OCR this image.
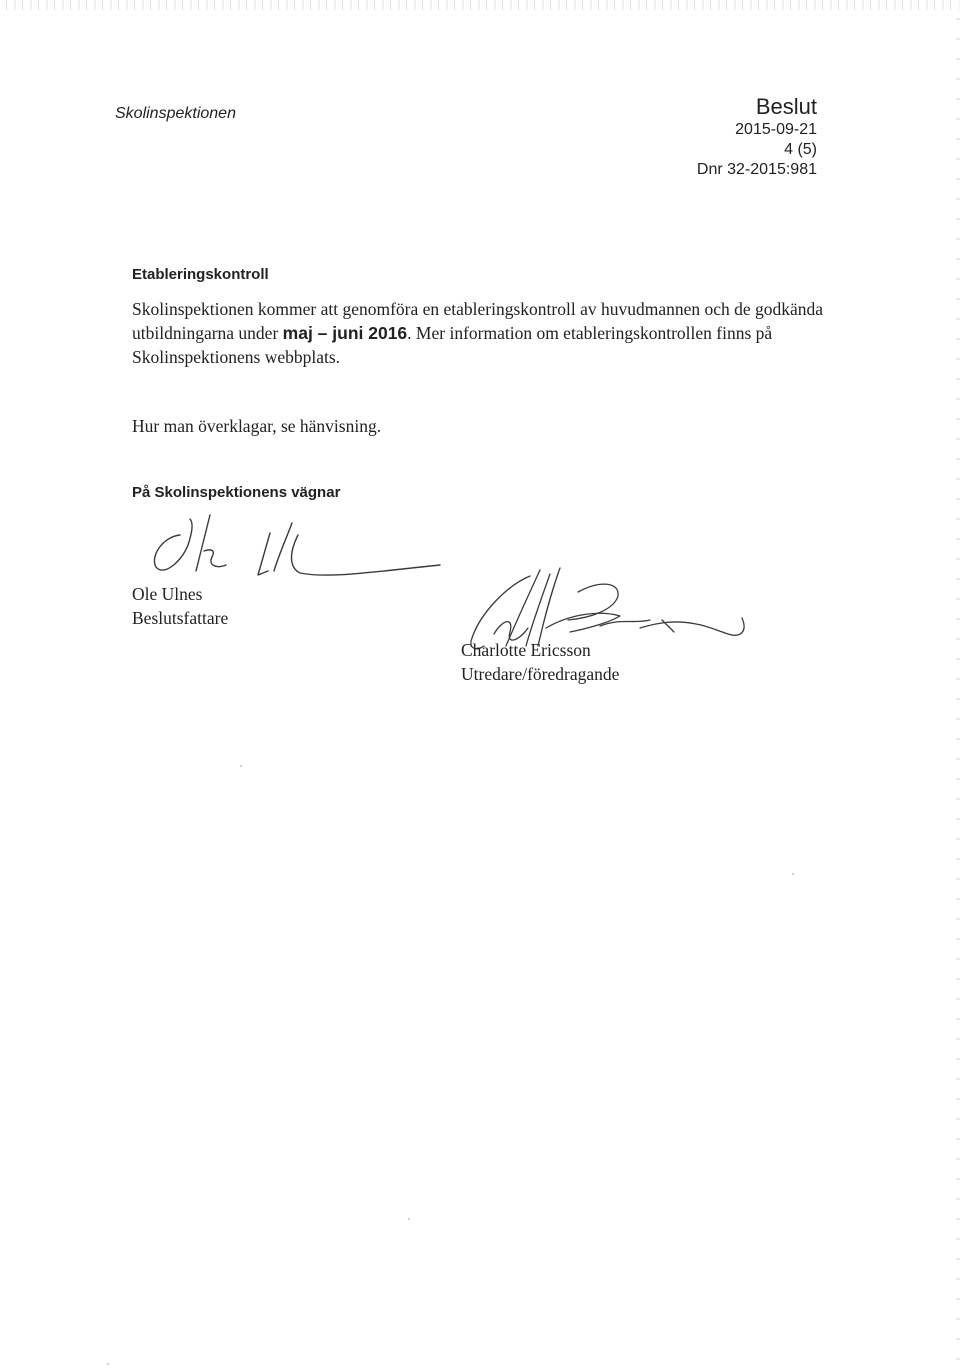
Skolinspektionen	Beslut
2015-09-21
4 (5)
Dnr 32-2015:981
Etableringskontroll
Skolinspektionen kommer att genomföra en etableringskontroll av huvudmannen och de godkända utbildningarna under maj – juni 2016. Mer information om etableringskontrollen finns på Skolinspektionens webbplats.
Hur man överklagar, se hänvisning.
På Skolinspektionens vägnar
Ole Ulnes
Beslutsfattare
Charlotte Ericsson
Utredare/föredragande
